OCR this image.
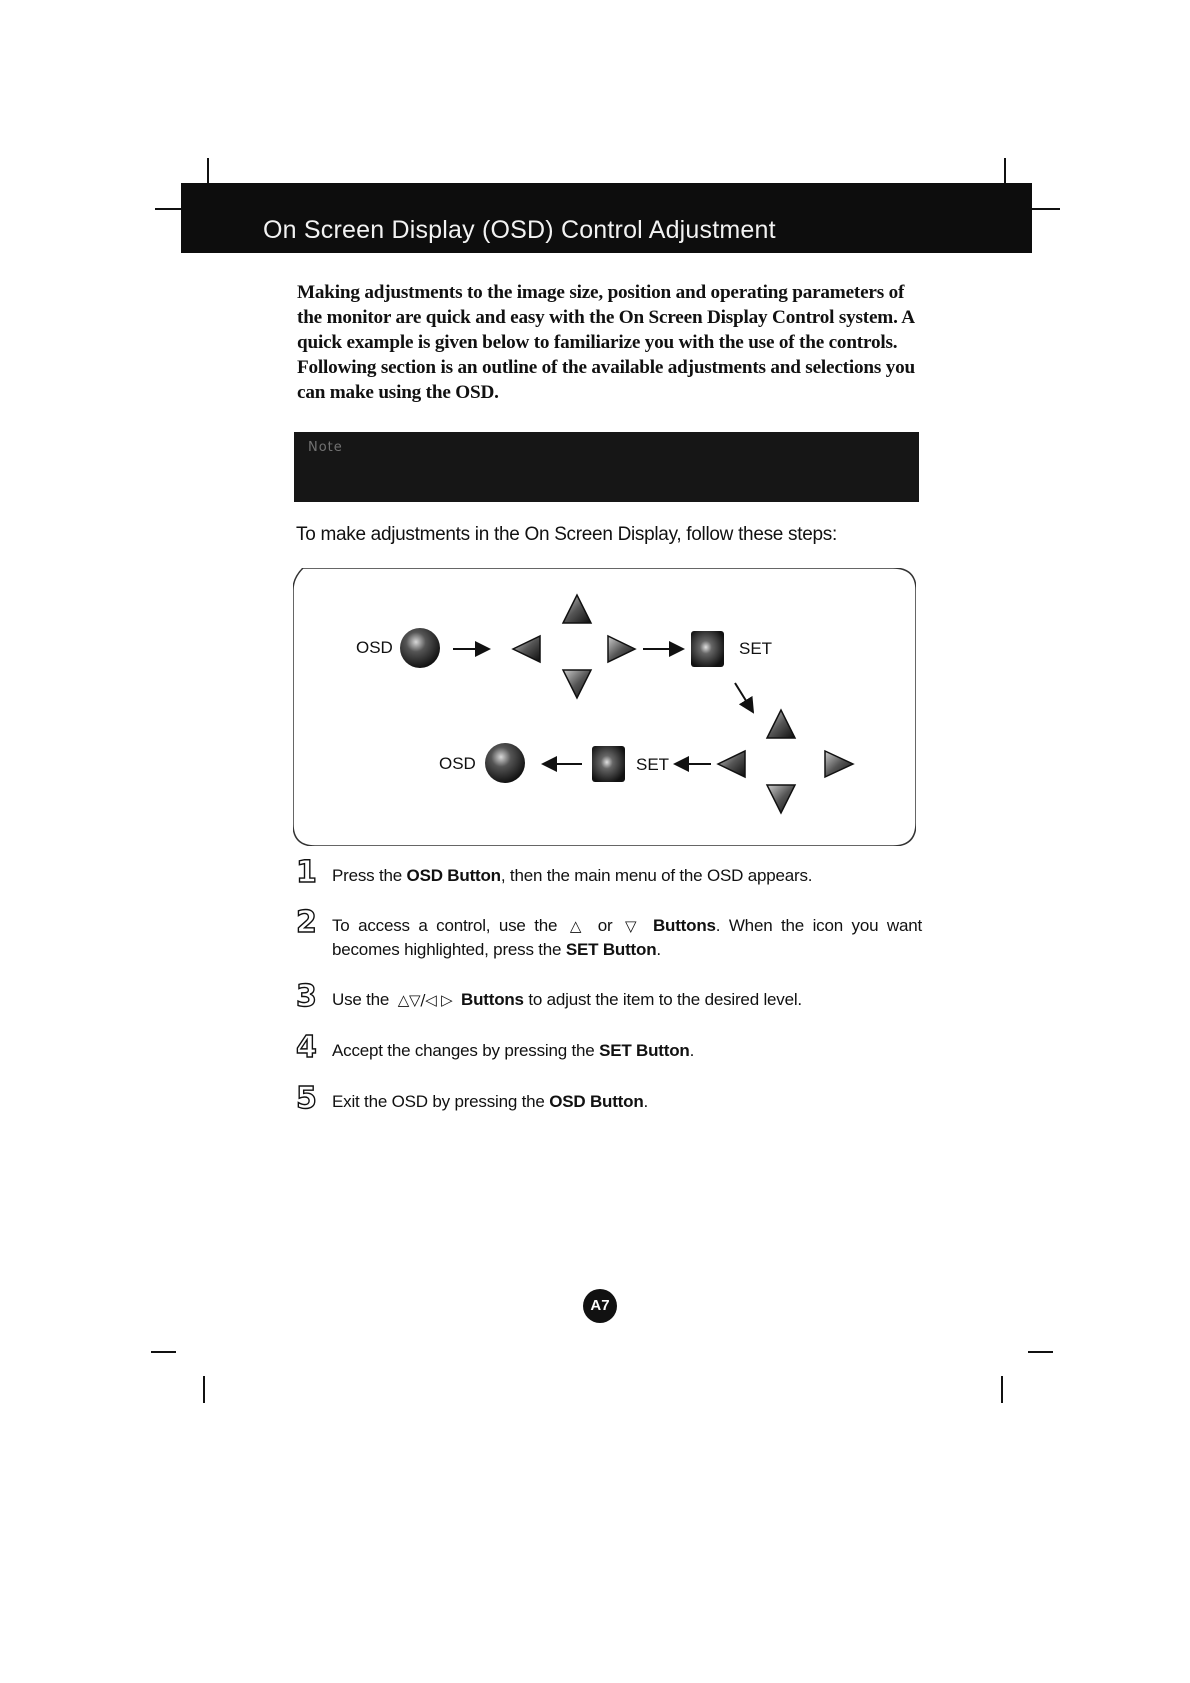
On Screen Display (OSD) Control Adjustment
Making adjustments to the image size, position and operating parameters of the monitor are quick and easy with the On Screen Display Control system. A quick example is given below to familiarize you with the use of the controls. Following section is an outline of the available adjustments and selections you can make using the OSD.
Note
To make adjustments in the On Screen Display, follow these steps:
OSD	SET
SET
OSD
1 Press the OSD Button, then the main menu of the OSD appears.
2 To access a control, use the △ or ▽ Buttons. When the icon you want becomes highlighted, press the SET Button.
3 Use the △▽/◁ ▷ Buttons to adjust the item to the desired level.
4 Accept the changes by pressing the SET Button.
5 Exit the OSD by pressing the OSD Button.
A7
